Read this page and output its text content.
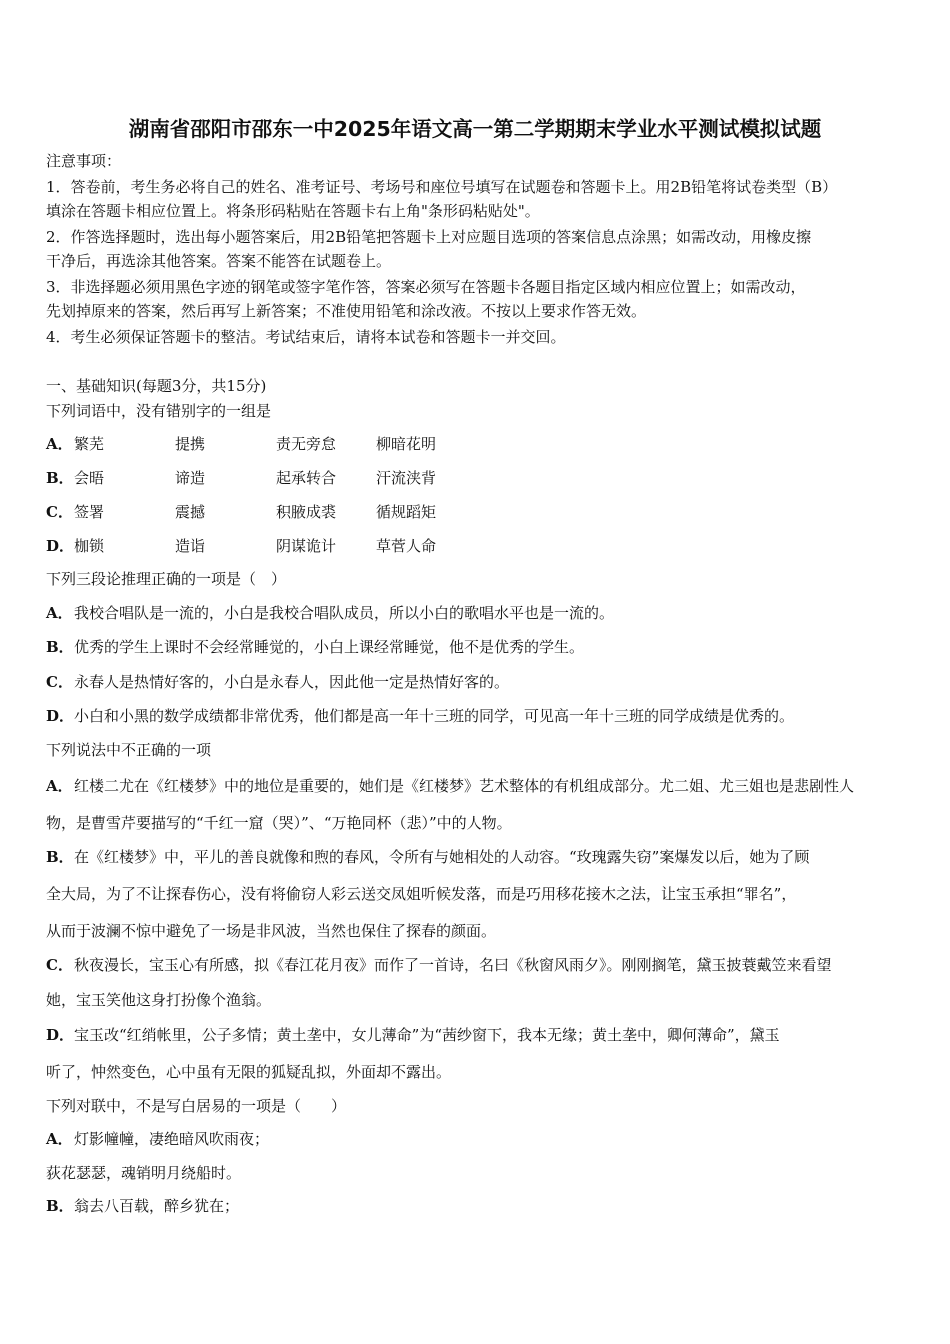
湖南省邵阳市邵东一中2025年语文高一第二学期期末学业水平测试模拟试题
注意事项：
1．答卷前，考生务必将自己的姓名、准考证号、考场号和座位号填写在试题卷和答题卡上。用2B铅笔将试卷类型（B）
填涂在答题卡相应位置上。将条形码粘贴在答题卡右上角"条形码粘贴处"。
2．作答选择题时，选出每小题答案后，用2B铅笔把答题卡上对应题目选项的答案信息点涂黑；如需改动，用橡皮擦
干净后，再选涂其他答案。答案不能答在试题卷上。
3．非选择题必须用黑色字迹的钢笔或签字笔作答，答案必须写在答题卡各题目指定区域内相应位置上；如需改动，
先划掉原来的答案，然后再写上新答案；不准使用铅笔和涂改液。不按以上要求作答无效。
4．考生必须保证答题卡的整洁。考试结束后，请将本试卷和答题卡一并交回。
一、基础知识(每题3分，共15分)
下列词语中，没有错别字的一组是
A． 繁芜	提携	责无旁怠	柳暗花明
B． 会晤	谛造	起承转合	汗流浃背
C． 签署	震撼	积腋成裘	循规蹈矩
D． 枷锁	造诣	阴谋诡计	草菅人命
下列三段论推理正确的一项是（　）
A．我校合唱队是一流的，小白是我校合唱队成员，所以小白的歌唱水平也是一流的。
B．优秀的学生上课时不会经常睡觉的，小白上课经常睡觉，他不是优秀的学生。
C．永春人是热情好客的，小白是永春人，因此他一定是热情好客的。
D．小白和小黑的数学成绩都非常优秀，他们都是高一年十三班的同学，可见高一年十三班的同学成绩是优秀的。
下列说法中不正确的一项
A．红楼二尤在《红楼梦》中的地位是重要的，她们是《红楼梦》艺术整体的有机组成部分。尤二姐、尤三姐也是悲剧性人
物，是曹雪芹要描写的“千红一窟（哭）”、“万艳同杯（悲）”中的人物。
B．在《红楼梦》中，平儿的善良就像和煦的春风，令所有与她相处的人动容。“玫瑰露失窃”案爆发以后，她为了顾
全大局，为了不让探春伤心，没有将偷窃人彩云送交凤姐听候发落，而是巧用移花接木之法，让宝玉承担“罪名”，
从而于波澜不惊中避免了一场是非风波，当然也保住了探春的颜面。
C．秋夜漫长，宝玉心有所感，拟《春江花月夜》而作了一首诗，名曰《秋窗风雨夕》。刚刚搁笔，黛玉披蓑戴笠来看望
她，宝玉笑他这身打扮像个渔翁。
D．宝玉改“红绡帐里，公子多情；黄土垄中，女儿薄命”为“茜纱窗下，我本无缘；黄土垄中，卿何薄命”，黛玉
听了，忡然变色，心中虽有无限的狐疑乱拟，外面却不露出。
下列对联中，不是写白居易的一项是（　　）
A．灯影幢幢，凄绝暗风吹雨夜；
荻花瑟瑟，魂销明月绕船时。
B．翁去八百载，醉乡犹在；
